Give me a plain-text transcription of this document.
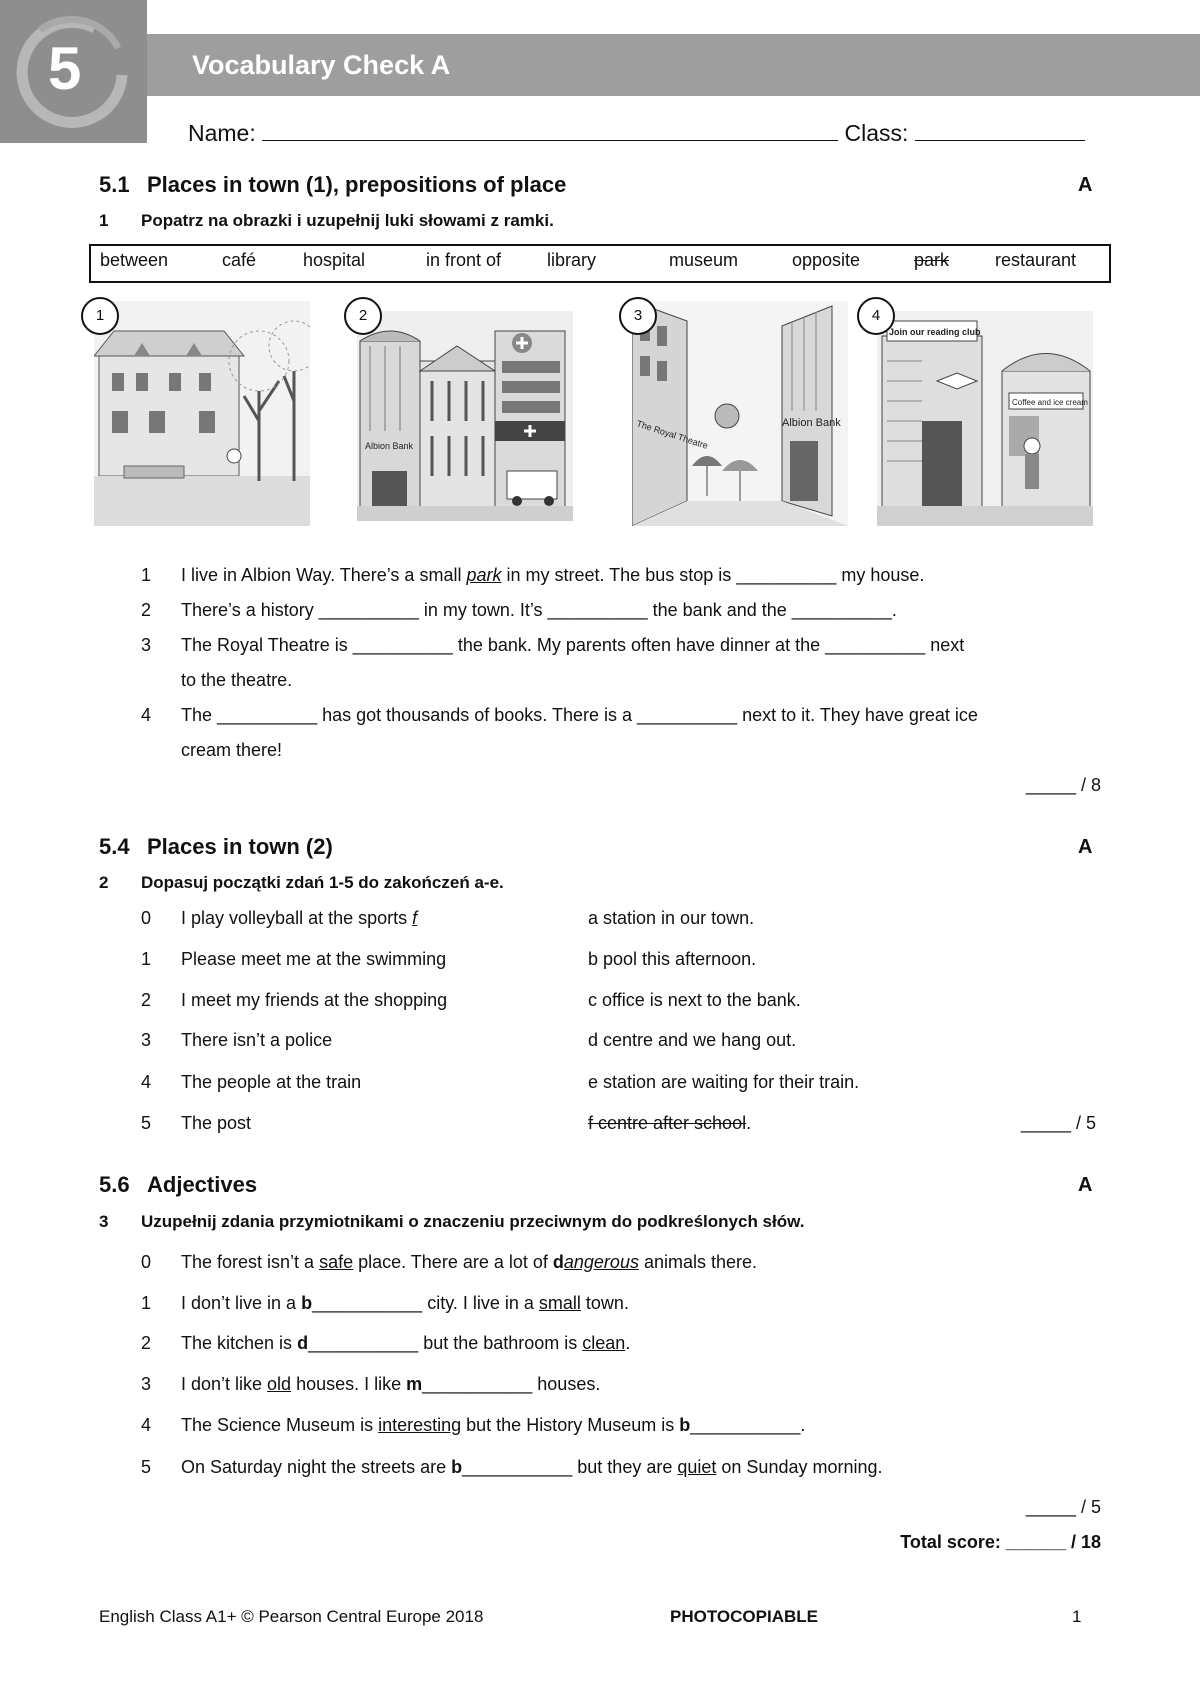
5	Vocabulary Check A
Name:	Class:
5.1 Places in town (1), prepositions of place	A
1 Popatrz na obrazki i uzupełnij luki słowami z ramki.
between	café	hospital	in front of	library	museum	opposite	park	restaurant
1
Albion Bank
2
The Royal Theatre	Albion Bank
3
Join our reading club
Coffee and ice cream
4
1 I live in Albion Way. There’s a small park in my street. The bus stop is __________ my house.
2 There’s a history __________ in my town. It’s __________ the bank and the __________.
3 The Royal Theatre is __________ the bank. My parents often have dinner at the __________ next
to the theatre.
4 The __________ has got thousands of books. There is a __________ next to it. They have great ice
cream there!
_____ / 8
5.4 Places in town (2)	A
2 Dopasuj początki zdań 1-5 do zakończeń a-e.
0 I play volleyball at the sports f	a station in our town.
1 Please meet me at the swimming	b pool this afternoon.
2 I meet my friends at the shopping	c office is next to the bank.
3 There isn’t a police	d centre and we hang out.
4 The people at the train	e station are waiting for their train.
5 The post	f centre after school.	_____ / 5
5.6 Adjectives	A
3 Uzupełnij zdania przymiotnikami o znaczeniu przeciwnym do podkreślonych słów.
0 The forest isn’t a safe place. There are a lot of dangerous animals there.
1 I don’t live in a b___________ city. I live in a small town.
2 The kitchen is d___________ but the bathroom is clean.
3 I don’t like old houses. I like m___________ houses.
4 The Science Museum is interesting but the History Museum is b___________.
5 On Saturday night the streets are b___________ but they are quiet on Sunday morning.
_____ / 5
Total score: ______ / 18
English Class A1+ © Pearson Central Europe 2018	PHOTOCOPIABLE	1
